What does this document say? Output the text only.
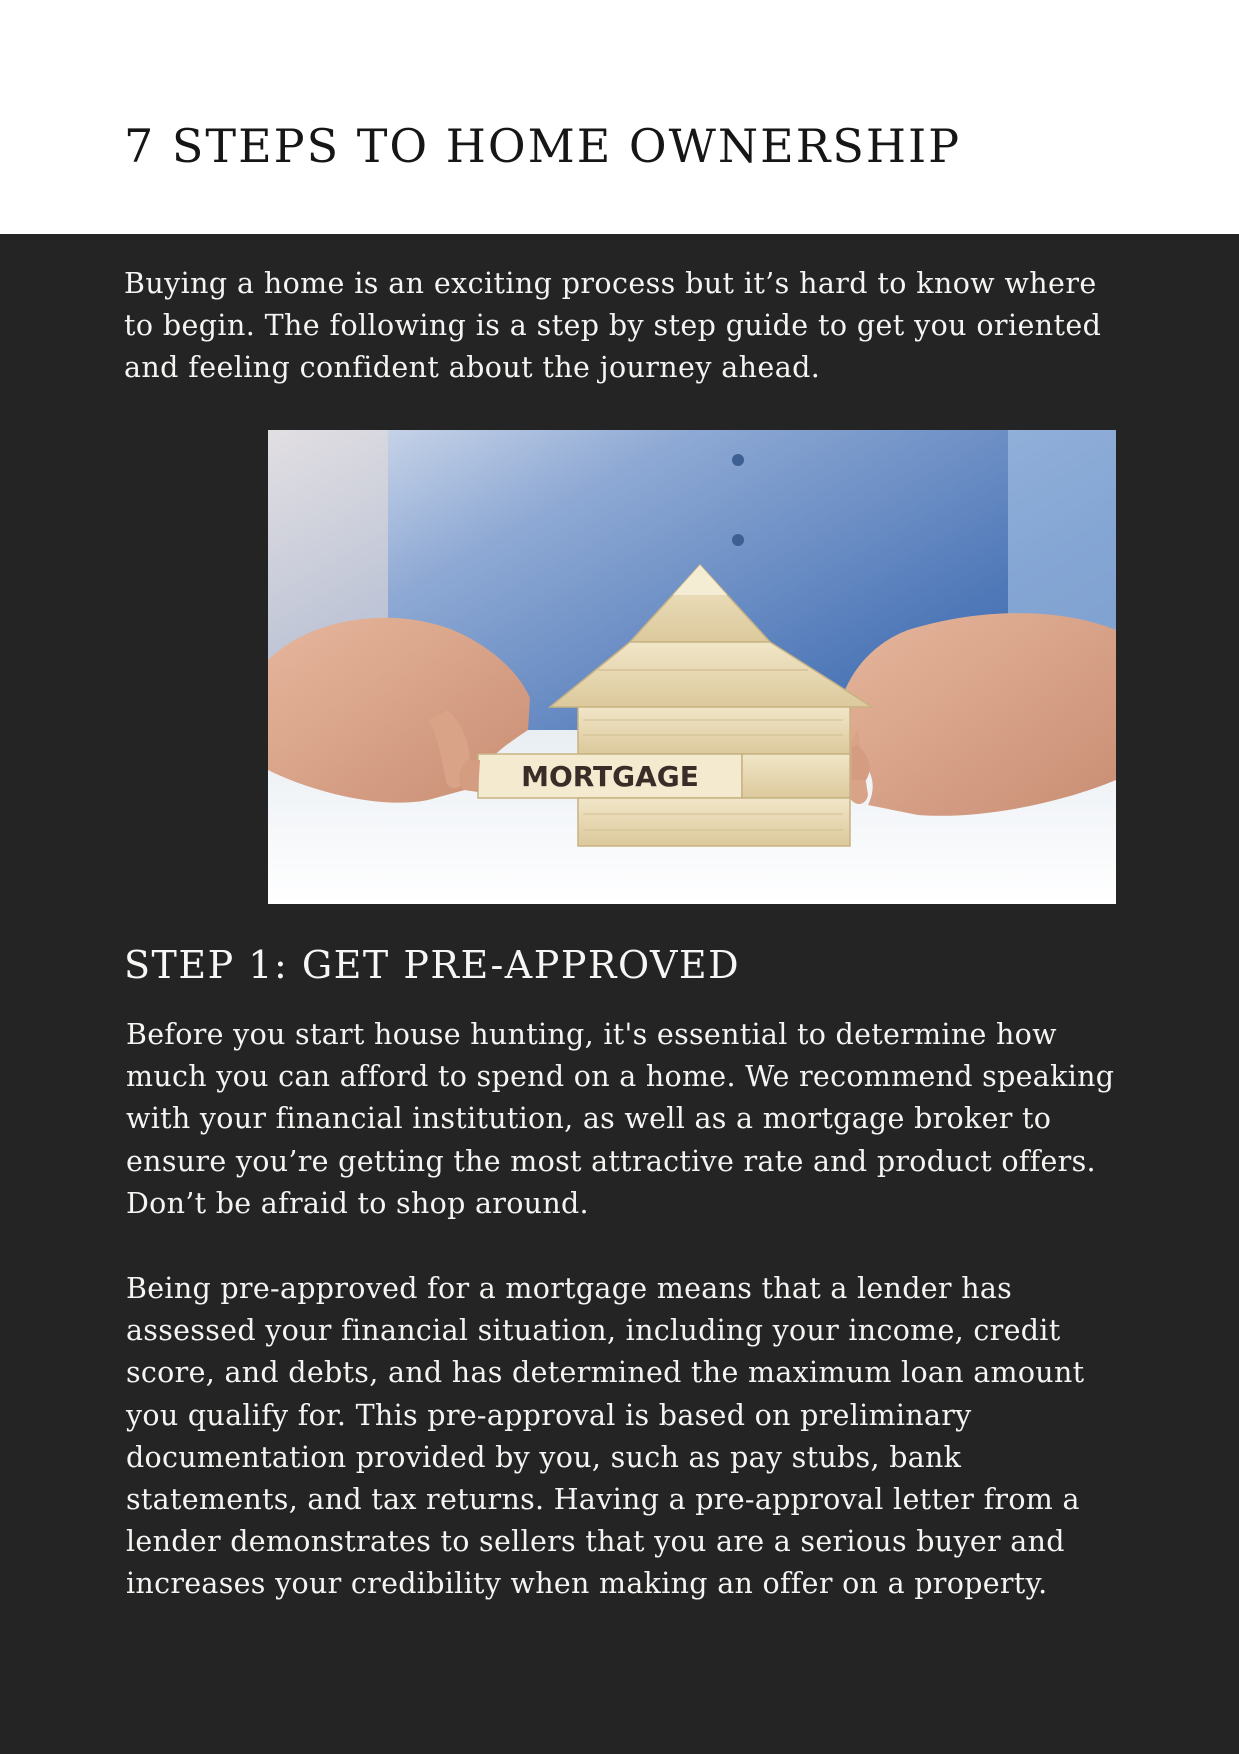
7 STEPS TO HOME OWNERSHIP

Buying a home is an exciting process but it’s hard to know where to begin. The following is a step by step guide to get you oriented and feeling confident about the journey ahead.

MORTGAGE
STEP 1: GET PRE-APPROVED

Before you start house hunting, it's essential to determine how much you can afford to spend on a home. We recommend speaking with your financial institution, as well as a mortgage broker to ensure you’re getting the most attractive rate and product offers. Don’t be afraid to shop around.

Being pre-approved for a mortgage means that a lender has assessed your financial situation, including your income, credit score, and debts, and has determined the maximum loan amount you qualify for. This pre-approval is based on preliminary documentation provided by you, such as pay stubs, bank statements, and tax returns. Having a pre-approval letter from a lender demonstrates to sellers that you are a serious buyer and increases your credibility when making an offer on a property.
